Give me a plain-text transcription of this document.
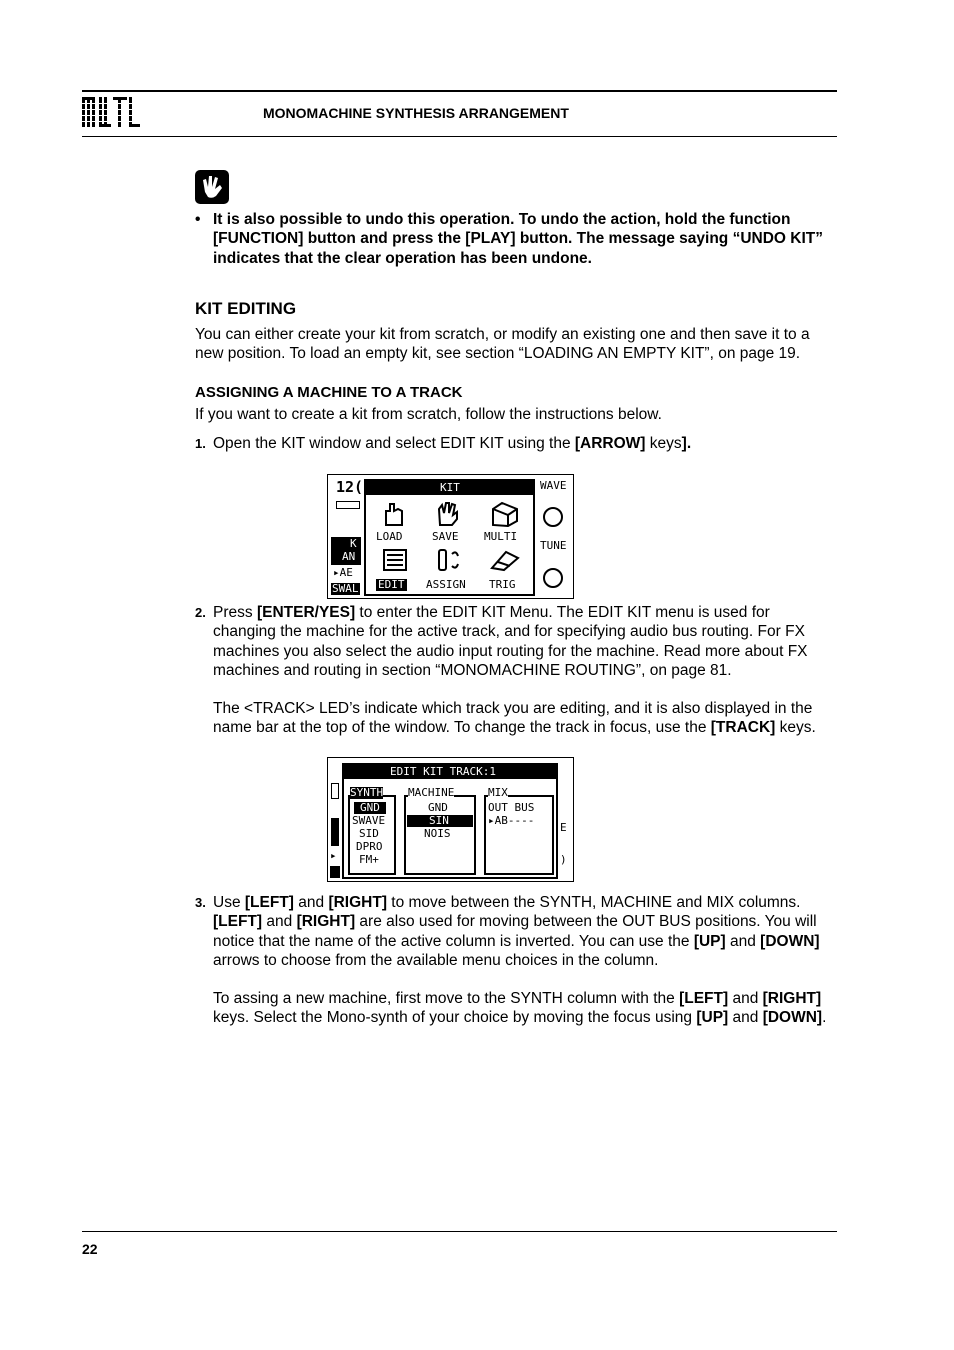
MONOMACHINE SYNTHESIS ARRANGEMENT
• It is also possible to undo this operation. To undo the action, hold the function [FUNCTION] button and press the [PLAY] button. The message saying “UNDO KIT” indicates that the clear operation has been undone.

KIT EDITING

You can either create your kit from scratch, or modify an existing one and then save it to a new position. To load an empty kit, see section “LOADING AN EMPTY KIT”, on page 19.

ASSIGNING A MACHINE TO A TRACK

If you want to create a kit from scratch, follow the instructions below.

1. Open the KIT window and select EDIT KIT using the [ARROW] keys].

12(
K
AN
▸AE
SWAL
WAVE
TUNE
KIT
LOAD	SAVE MULTI
EDIT ASSIGN TRIG
2. Press [ENTER/YES] to enter the EDIT KIT Menu. The EDIT KIT menu is used for changing the machine for the active track, and for specifying audio bus routing. For FX machines you also select the audio input routing for the machine. Read more about FX machines and routing in section “MONOMACHINE ROUTING”, on page 81.

The <TRACK> LED’s indicate which track you are editing, and it is also displayed in the name bar at the top of the window. To change the track in focus, use the [TRACK] keys.

▸
E
)
EDIT KIT TRACK:1
SYNTH
GND
SWAVE
SID
DPRO
FM+
MACHINE
GND
SIN
NOIS
MIX
OUT BUS
▸AB----
3. Use [LEFT] and [RIGHT] to move between the SYNTH, MACHINE and MIX columns. [LEFT] and [RIGHT] are also used for moving between the OUT BUS positions. You will notice that the name of the active column is inverted. You can use the [UP] and [DOWN] arrows to choose from the available menu choices in the column.

To assing a new machine, first move to the SYNTH column with the [LEFT] and [RIGHT] keys. Select the Mono-synth of your choice by moving the focus using [UP] and [DOWN].

22
